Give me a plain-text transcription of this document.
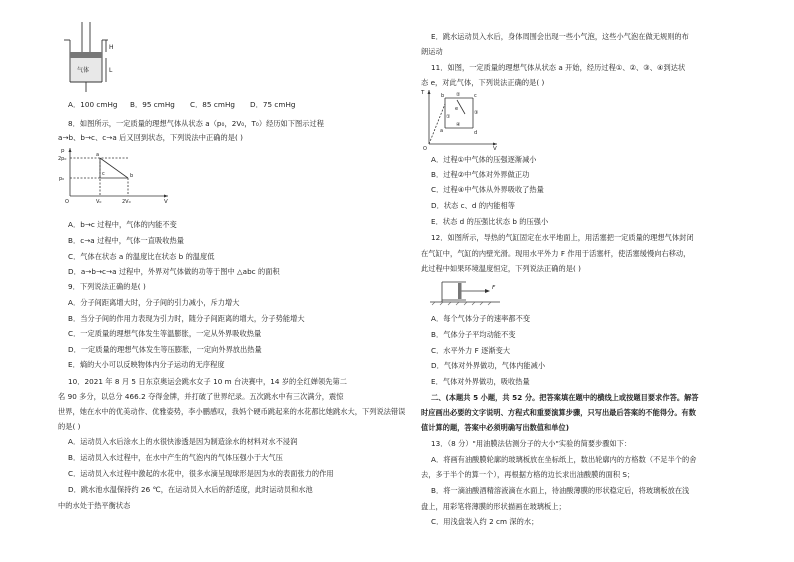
H
气体	L
A．100 cmHg B．95 cmHg C．85 cmHg D．75 cmHg
8．如图所示，一定质量的理想气体从状态 a（p₀，2V₀，T₀）经历如下图示过程
a→b、b→c、c→a 后又回到状态，下列说法中正确的是( )
p
2p₀
p₀
O	V₀	2V₀	V
a
b
c
A．b→c 过程中，气体的内能不变
B．c→a 过程中，气体一直吸收热量
C．气体在状态 a 的温度比在状态 b 的温度低
D．a→b→c→a 过程中，外界对气体做的功等于图中 △abc 的面积
9．下列说法正确的是( )
A．分子间距离增大时，分子间的引力减小，斥力增大
B．当分子间的作用力表现为引力时，随分子间距离的增大，分子势能增大
C．一定质量的理想气体发生等温膨胀，一定从外界吸收热量
D．一定质量的理想气体发生等压膨胀，一定向外界放出热量
E．熵的大小可以反映物体内分子运动的无序程度
10．2021 年 8 月 5 日东京奥运会跳水女子 10 m 台决赛中，14 岁的全红婵领先第二
名 90 多分，以总分 466.2 夺得金牌，并打破了世界纪录。五次跳水中有三次满分，震惊
世界，她在水中的优美动作、优雅姿势，李小鹏感叹，我妈个硬币跳起来的水花都比她跳水大，下列说法错误
的是( )
A．运动员入水后涂水上的水很快渗透是因为制造涂水的材料对水不浸润
B．运动员入水过程中，在水中产生的气泡内的气体压强小于大气压
C．运动员入水过程中激起的水花中，很多水滴呈现球形是因为水的表面张力的作用
D．跳水池水温保持约 26 ℃，在运动员入水后的舒适度，此时运动员和水池
中的水处于热平衡状态
E．跳水运动员入水后，身体周围会出现一些小气泡，这些小气泡在做无规则的布
朗运动
11．如图，一定质量的理想气体从状态 a 开始，经历过程①、②、③、④到达状
态 e，对此气体，下列说法正确的是( )
T
V
O
a
b	c
d
e
①
②
③
④
A．过程①中气体的压强逐渐减小
B．过程②中气体对外界做正功
C．过程④中气体从外界吸收了热量
D．状态 c、d 的内能相等
E．状态 d 的压强比状态 b 的压强小
12．如图所示，导热的气缸固定在水平地面上，用活塞把一定质量的理想气体封闭
在气缸中，气缸的内壁光滑。现用水平外力 F 作用于活塞杆，使活塞缓慢向右移动，
此过程中如果环境温度恒定，下列说法正确的是( )
F
A．每个气体分子的速率都不变
B．气体分子平均动能不变
C．水平外力 F 逐渐变大
D．气体对外界做功，气体内能减小
E．气体对外界做功，吸收热量
二、(本题共 5 小题，共 52 分。把答案填在题中的横线上或按题目要求作答。解答
时应画出必要的文字说明、方程式和重要演算步骤，只写出最后答案的不能得分。有数
值计算的题，答案中必须明确写出数值和单位)
13．（8 分）"用油膜法估测分子的大小"实验的简要步骤如下：
A．将画有油酸膜轮廓的玻璃板放在坐标纸上，数出轮廓内的方格数（不足半个的舍
去，多于半个的算一个），再根据方格的边长求出油酸膜的面积 S；
B．将一滴油酸酒精溶液滴在水面上，待油酸薄膜的形状稳定后，将玻璃板放在浅
盘上，用彩笔将薄膜的形状描画在玻璃板上；
C．用浅盘装入约 2 cm 深的水；
